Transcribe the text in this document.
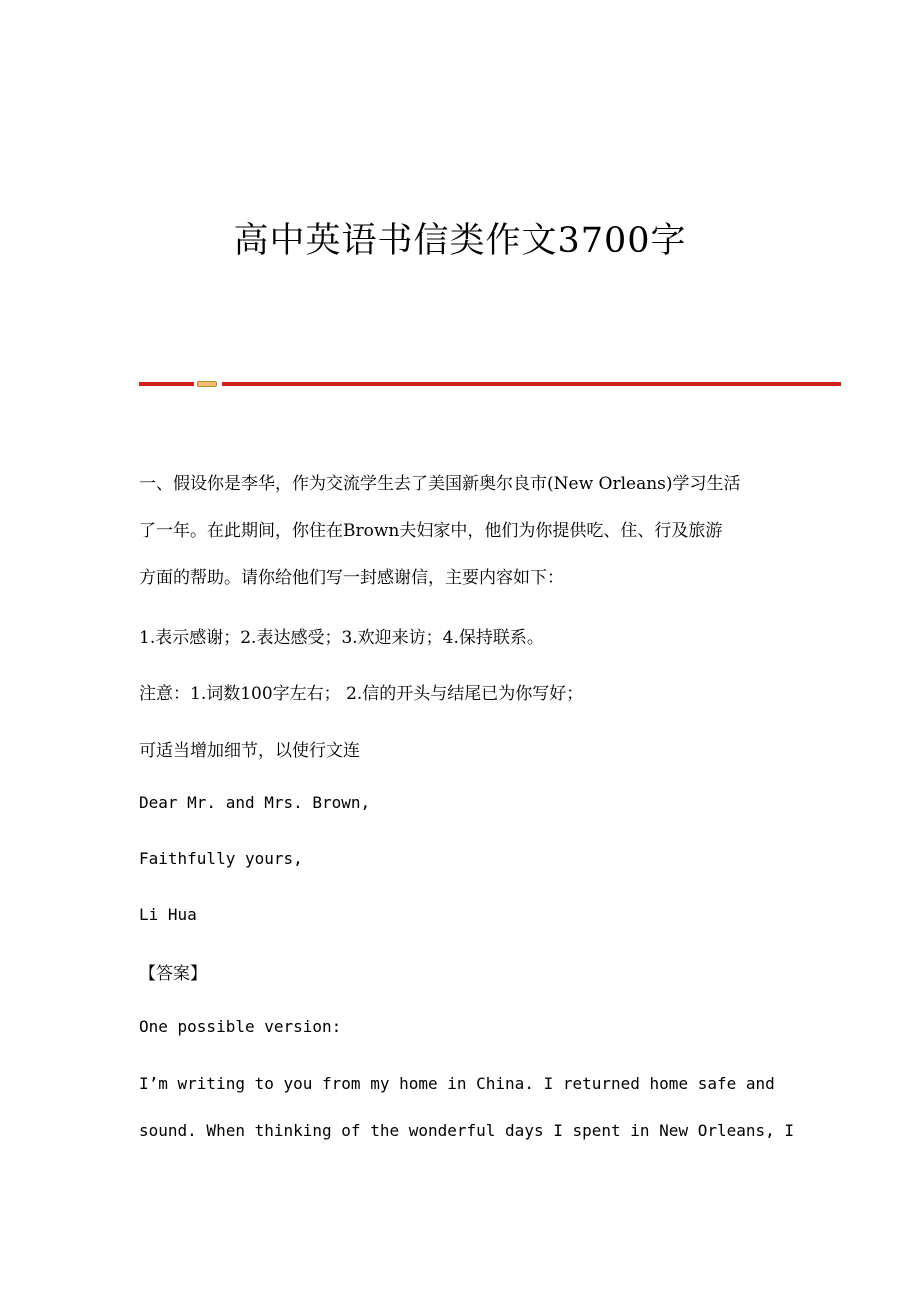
高中英语书信类作文3700字
一、假设你是李华，作为交流学生去了美国新奥尔良市(New Orleans)学习生活
了一年。在此期间，你住在Brown夫妇家中，他们为你提供吃、住、行及旅游
方面的帮助。请你给他们写一封感谢信，主要内容如下：

1.表示感谢；2.表达感受；3.欢迎来访；4.保持联系。

注意：1.词数100字左右； 2.信的开头与结尾已为你写好；

可适当增加细节，以使行文连

Dear Mr. and Mrs. Brown,

Faithfully yours,

Li Hua

【答案】

One possible version:

I’m writing to you from my home in China. I returned home safe and
sound. When thinking of the wonderful days I spent in New Orleans, I
